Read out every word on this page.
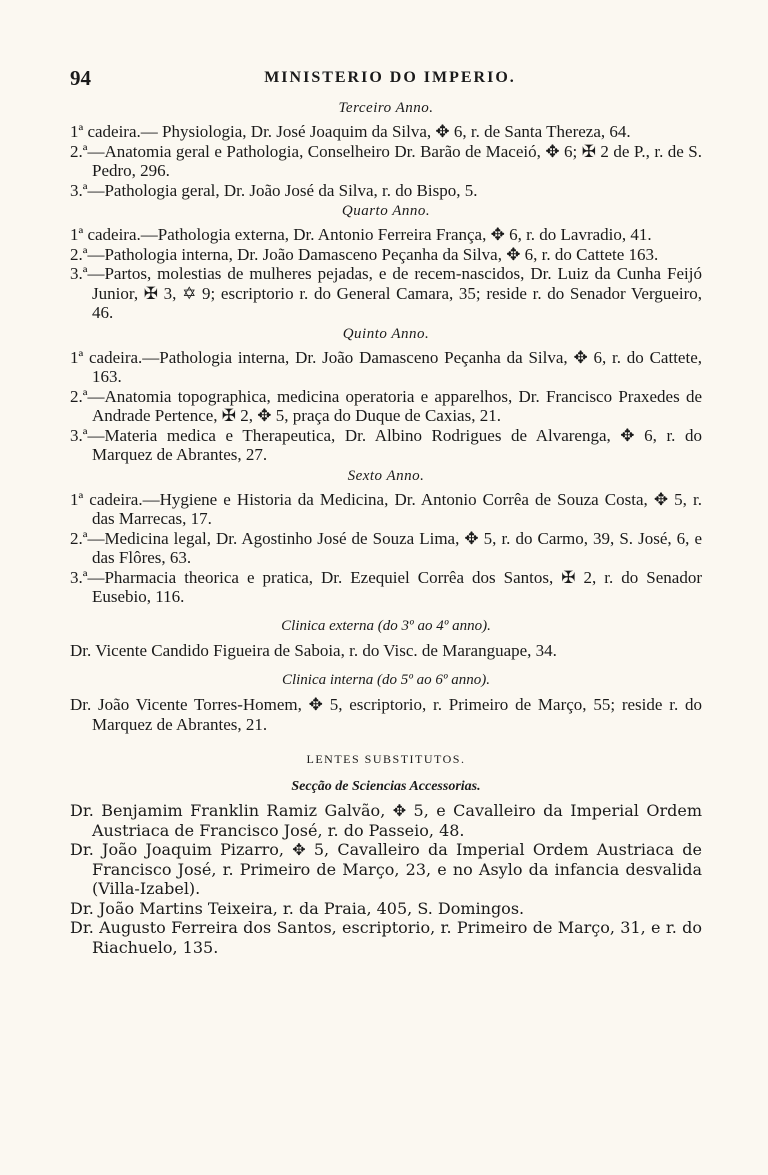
94	MINISTERIO DO IMPERIO.
Terceiro Anno.

1ª cadeira.— Physiologia, Dr. José Joaquim da Silva, ✥ 6, r. de Santa Thereza, 64.

2.ª—Anatomia geral e Pathologia, Conselheiro Dr. Barão de Maceió, ✥ 6; ✠ 2 de P., r. de S. Pedro, 296.

3.ª—Pathologia geral, Dr. João José da Silva, r. do Bispo, 5.

Quarto Anno.

1ª cadeira.—Pathologia externa, Dr. Antonio Ferreira França, ✥ 6, r. do Lavradio, 41.

2.ª—Pathologia interna, Dr. João Damasceno Peçanha da Silva, ✥ 6, r. do Cattete 163.

3.ª—Partos, molestias de mulheres pejadas, e de recem-nascidos, Dr. Luiz da Cunha Feijó Junior, ✠ 3, ✡ 9; escriptorio r. do General Camara, 35; reside r. do Senador Vergueiro, 46.

Quinto Anno.

1ª cadeira.—Pathologia interna, Dr. João Damasceno Peçanha da Silva, ✥ 6, r. do Cattete, 163.

2.ª—Anatomia topographica, medicina operatoria e apparelhos, Dr. Francisco Praxedes de Andrade Pertence, ✠ 2, ✥ 5, praça do Duque de Caxias, 21.

3.ª—Materia medica e Therapeutica, Dr. Albino Rodrigues de Alvarenga, ✥ 6, r. do Marquez de Abrantes, 27.

Sexto Anno.

1ª cadeira.—Hygiene e Historia da Medicina, Dr. Antonio Corrêa de Souza Costa, ✥ 5, r. das Marrecas, 17.

2.ª—Medicina legal, Dr. Agostinho José de Souza Lima, ✥ 5, r. do Carmo, 39, S. José, 6, e das Flôres, 63.

3.ª—Pharmacia theorica e pratica, Dr. Ezequiel Corrêa dos Santos, ✠ 2, r. do Senador Eusebio, 116.

Clinica externa (do 3º ao 4º anno).

Dr. Vicente Candido Figueira de Saboia, r. do Visc. de Maranguape, 34.

Clinica interna (do 5º ao 6º anno).

Dr. João Vicente Torres-Homem, ✥ 5, escriptorio, r. Primeiro de Março, 55; reside r. do Marquez de Abrantes, 21.

LENTES SUBSTITUTOS.
Secção de Sciencias Accessorias.

Dr. Benjamim Franklin Ramiz Galvão, ✥ 5, e Cavalleiro da Imperial Ordem Austriaca de Francisco José, r. do Passeio, 48.

Dr. João Joaquim Pizarro, ✥ 5, Cavalleiro da Imperial Ordem Austriaca de Francisco José, r. Primeiro de Março, 23, e no Asylo da infancia desvalida (Villa-Izabel).

Dr. João Martins Teixeira, r. da Praia, 405, S. Domingos.

Dr. Augusto Ferreira dos Santos, escriptorio, r. Primeiro de Março, 31, e r. do Riachuelo, 135.
